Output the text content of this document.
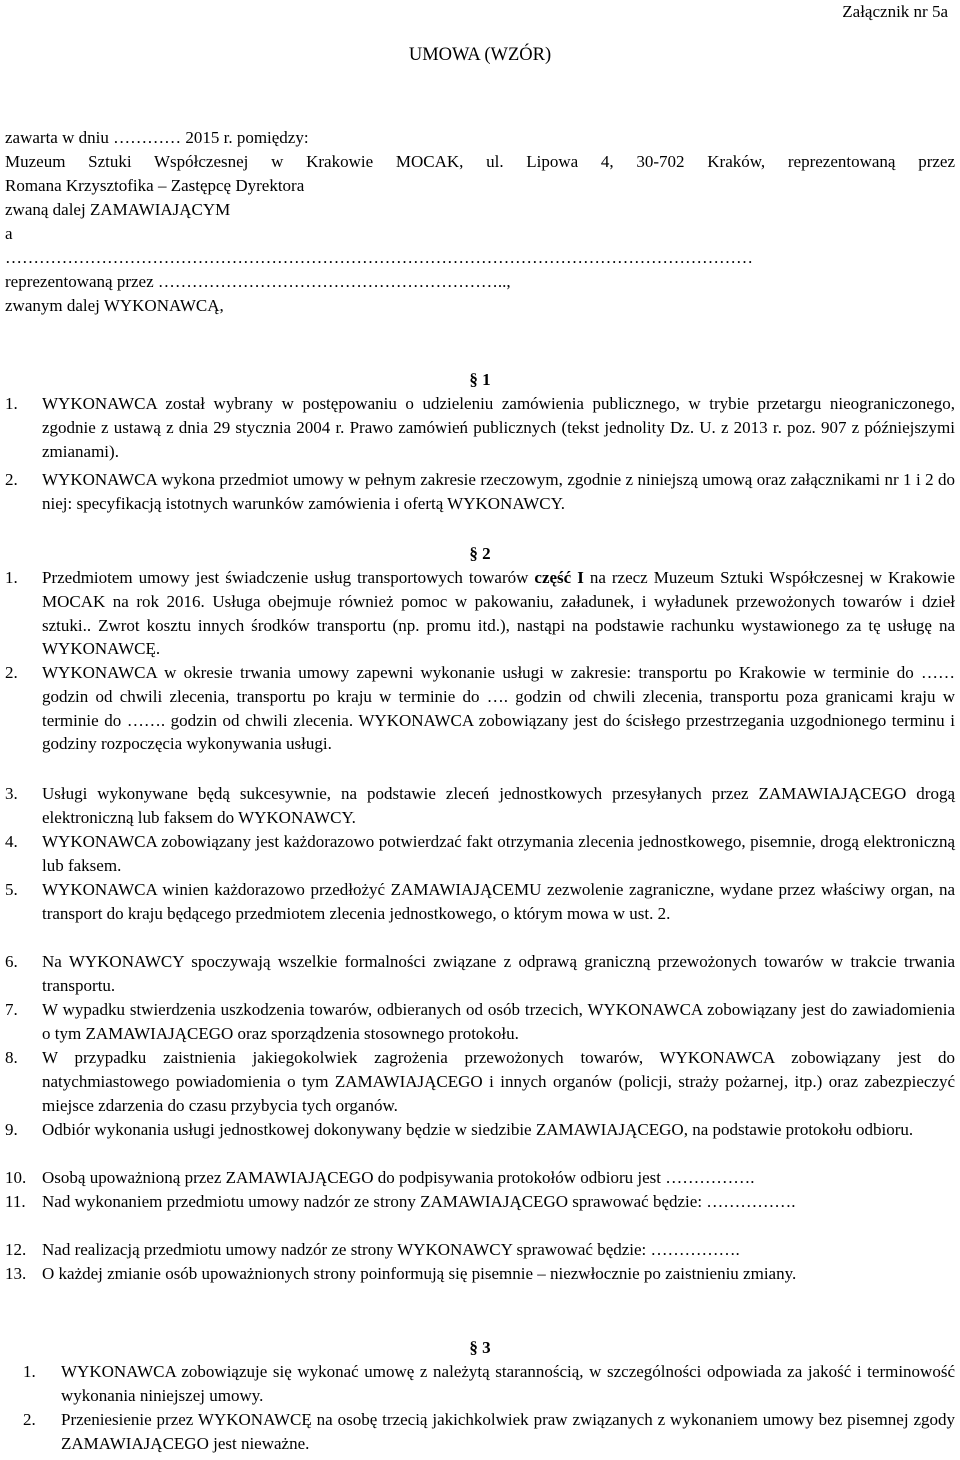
Załącznik nr 5a
UMOWA (WZÓR)
zawarta w dniu ………… 2015 r. pomiędzy:
Muzeum Sztuki Współczesnej w Krakowie MOCAK, ul. Lipowa 4, 30-702 Kraków, reprezentowaną przez
Romana Krzysztofika – Zastępcę Dyrektora
zwaną dalej ZAMAWIAJĄCYM
a
……………………………………………………………………………………………………………………
reprezentowaną przez ……………………………………………………..,
zwanym dalej WYKONAWCĄ,
§ 1
1. WYKONAWCA został wybrany w postępowaniu o udzieleniu zamówienia publicznego, w trybie przetargu nieograniczonego, zgodnie z ustawą z dnia 29 stycznia 2004 r. Prawo zamówień publicznych (tekst jednolity Dz. U. z 2013 r. poz. 907 z późniejszymi zmianami).
2. WYKONAWCA wykona przedmiot umowy w pełnym zakresie rzeczowym, zgodnie z niniejszą umową oraz załącznikami nr 1 i 2 do niej: specyfikacją istotnych warunków zamówienia i ofertą WYKONAWCY.
§ 2
1. Przedmiotem umowy jest świadczenie usług transportowych towarów część I na rzecz Muzeum Sztuki Współczesnej w Krakowie MOCAK na rok 2016. Usługa obejmuje również pomoc w pakowaniu, załadunek, i wyładunek przewożonych towarów i dzieł sztuki.. Zwrot kosztu innych środków transportu (np. promu itd.), nastąpi na podstawie rachunku wystawionego za tę usługę na WYKONAWCĘ.
2. WYKONAWCA w okresie trwania umowy zapewni wykonanie usługi w zakresie: transportu po Krakowie w terminie do …… godzin od chwili zlecenia, transportu po kraju w terminie do …. godzin od chwili zlecenia, transportu poza granicami kraju w terminie do ……. godzin od chwili zlecenia. WYKONAWCA zobowiązany jest do ścisłego przestrzegania uzgodnionego terminu i godziny rozpoczęcia wykonywania usługi.
3. Usługi wykonywane będą sukcesywnie, na podstawie zleceń jednostkowych przesyłanych przez ZAMAWIAJĄCEGO drogą elektroniczną lub faksem do WYKONAWCY.
4. WYKONAWCA zobowiązany jest każdorazowo potwierdzać fakt otrzymania zlecenia jednostkowego, pisemnie, drogą elektroniczną lub faksem.
5. WYKONAWCA winien każdorazowo przedłożyć ZAMAWIAJĄCEMU zezwolenie zagraniczne, wydane przez właściwy organ, na transport do kraju będącego przedmiotem zlecenia jednostkowego, o którym mowa w ust. 2.
6. Na WYKONAWCY spoczywają wszelkie formalności związane z odprawą graniczną przewożonych towarów w trakcie trwania transportu.
7. W wypadku stwierdzenia uszkodzenia towarów, odbieranych od osób trzecich, WYKONAWCA zobowiązany jest do zawiadomienia o tym ZAMAWIAJĄCEGO oraz sporządzenia stosownego protokołu.
8. W przypadku zaistnienia jakiegokolwiek zagrożenia przewożonych towarów, WYKONAWCA zobowiązany jest do natychmiastowego powiadomienia o tym ZAMAWIAJĄCEGO i innych organów (policji, straży pożarnej, itp.) oraz zabezpieczyć miejsce zdarzenia do czasu przybycia tych organów.
9. Odbiór wykonania usługi jednostkowej dokonywany będzie w siedzibie ZAMAWIAJĄCEGO, na podstawie protokołu odbioru.
10. Osobą upoważnioną przez ZAMAWIAJĄCEGO do podpisywania protokołów odbioru jest …………….
11. Nad wykonaniem przedmiotu umowy nadzór ze strony ZAMAWIAJĄCEGO sprawować będzie: …………….
12. Nad realizacją przedmiotu umowy nadzór ze strony WYKONAWCY sprawować będzie: …………….
13. O każdej zmianie osób upoważnionych strony poinformują się pisemnie – niezwłocznie po zaistnieniu zmiany.
§ 3
1. WYKONAWCA zobowiązuje się wykonać umowę z należytą starannością, w szczególności odpowiada za jakość i terminowość wykonania niniejszej umowy.
2. Przeniesienie przez WYKONAWCĘ na osobę trzecią jakichkolwiek praw związanych z wykonaniem umowy bez pisemnej zgody ZAMAWIAJĄCEGO jest nieważne.
